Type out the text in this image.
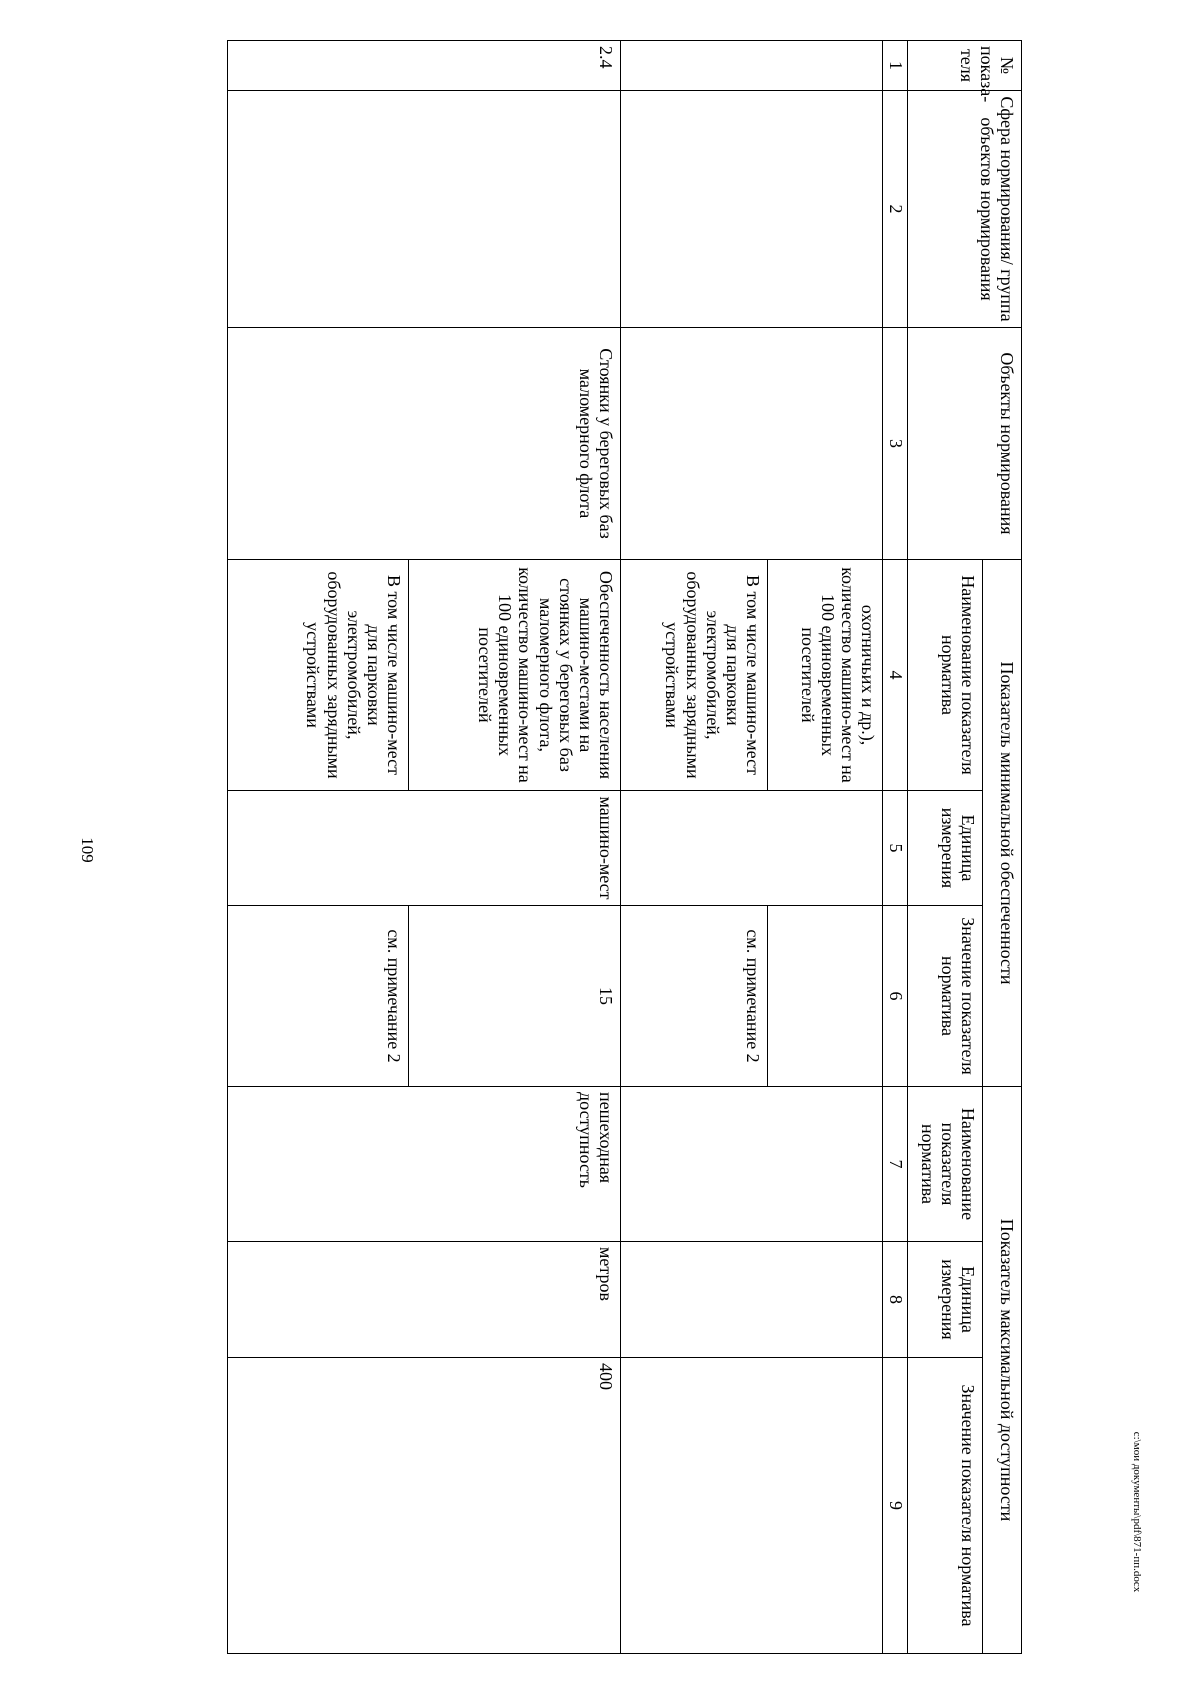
109
№ показа-теля	Сфера нормирования/ группа объектов нормирования	Объекты нормирования	Показатель минимальной обеспеченности			Показатель максимальной доступности		
			Наименование показателя норматива	Единица измерения	Значение показателя норматива	Наименование показателя норматива	Единица измерения	Значение показателя норматива
1	2	3	4	5	6	7	8	9
			охотничьих и др.), количество машино-мест на 100 единовременных посетителей					
			В том числе машино-мест для парковки электромобилей, оборудованных зарядными устройствами		см. примечание 2			
2.4		Стоянки у береговых баз маломерного флота	Обеспеченность населения машино-местами на стоянках у береговых баз маломерного флота, количество машино-мест на 100 единовременных посетителей	машино-мест	15	пешеходная доступность	метров	400
			В том числе машино-мест для парковки электромобилей, оборудованных зарядными устройствами		см. примечание 2			

c:\мои документы\pdf\871-пп.docx
